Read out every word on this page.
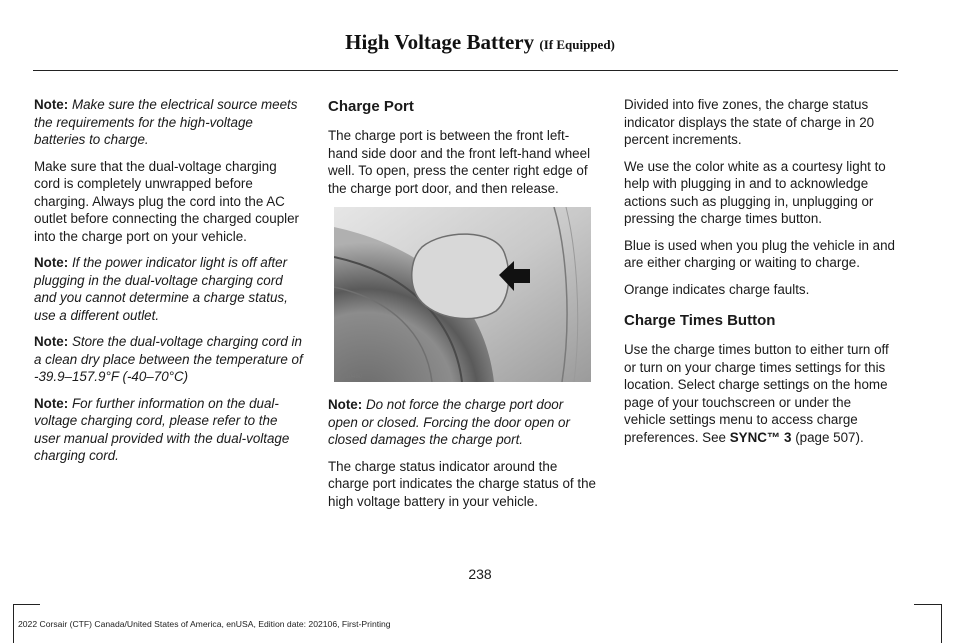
High Voltage Battery (If Equipped)

Note: Make sure the electrical source meets the requirements for the high-voltage batteries to charge.

Make sure that the dual-voltage charging cord is completely unwrapped before charging. Always plug the cord into the AC outlet before connecting the charged coupler into the charge port on your vehicle.

Note: If the power indicator light is off after plugging in the dual-voltage charging cord and you cannot determine a charge status, use a different outlet.

Note: Store the dual-voltage charging cord in a clean dry place between the temperature of -39.9–157.9°F (-40–70°C)

Note: For further information on the dual-voltage charging cord, please refer to the user manual provided with the dual-voltage charging cord.

Charge Port

The charge port is between the front left-hand side door and the front left-hand wheel well. To open, press the center right edge of the charge port door, and then release.

E330460

Note: Do not force the charge port door open or closed. Forcing the door open or closed damages the charge port.

The charge status indicator around the charge port indicates the charge status of the high voltage battery in your vehicle.

Divided into five zones, the charge status indicator displays the state of charge in 20 percent increments.

We use the color white as a courtesy light to help with plugging in and to acknowledge actions such as plugging in, unplugging or pressing the charge times button.

Blue is used when you plug the vehicle in and are either charging or waiting to charge.

Orange indicates charge faults.

Charge Times Button

Use the charge times button to either turn off or turn on your charge times settings for this location. Select charge settings on the home page of your touchscreen or under the vehicle settings menu to access charge preferences. See SYNC™ 3 (page 507).

238
2022 Corsair (CTF) Canada/United States of America, enUSA, Edition date: 202106, First-Printing
